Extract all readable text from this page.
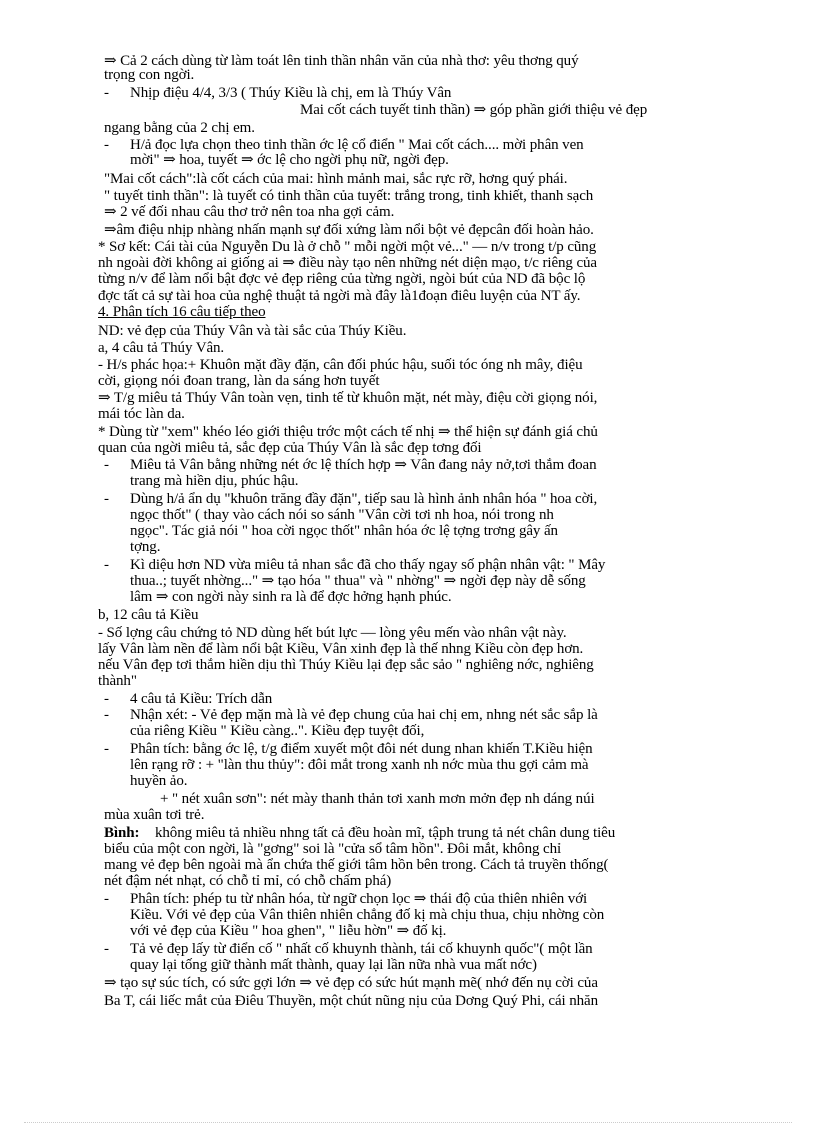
⇒ Cả 2 cách dùng từ làm toát lên tinh thần nhân văn của nhà thơ: yêu thơng quý
trọng con ngời.
- Nhịp điệu 4/4, 3/3 ( Thúy Kiều là chị, em là Thúy Vân
Mai cốt cách tuyết tinh thần) ⇒ góp phần giới thiệu vẻ đẹp
ngang bằng của 2 chị em.
- H/ả đọc lựa chọn theo tinh thần ớc lệ cổ điển " Mai cốt cách.... mời phân ven
mời" ⇒ hoa, tuyết ⇒ ớc lệ cho ngời phụ nữ, ngời đẹp.
"Mai cốt cách":là cốt cách của mai: hình mảnh mai, sắc rực rỡ, hơng quý phái.
" tuyết tinh thần": là tuyết có tinh thần của tuyết: trắng trong, tinh khiết, thanh sạch
⇒ 2 vế đối nhau câu thơ trở nên toa nha gợi cảm.
⇒âm điệu nhịp nhàng nhấn mạnh sự đối xứng làm nổi bột vẻ đẹpcân đối hoàn hảo.
* Sơ kết: Cái tài của Nguyễn Du là ở chỗ " mỗi ngời một vẻ..." — n/v trong t/p cũng
nh ngoài đời không ai giống ai ⇒ điều này tạo nên những nét diện mạo, t/c riêng của
từng n/v để làm nổi bật đợc vẻ đẹp riêng của từng ngời, ngòi bút của ND đã bộc lộ
đợc tất cả sự tài hoa của nghệ thuật tả ngời mà đây là1đoạn điêu luyện của NT ấy.
4. Phân tích 16 câu tiếp theo
ND: vẻ đẹp của Thúy Vân và tài sắc của Thúy Kiều.
a, 4 câu tả Thúy Vân.
- H/s phác họa:+ Khuôn mặt đầy đặn, cân đối phúc hậu, suối tóc óng nh mây, điệu
cời, giọng nói đoan trang, làn da sáng hơn tuyết
⇒ T/g miêu tả Thúy Vân toàn vẹn, tinh tế từ khuôn mặt, nét mày, điệu cời giọng nói,
mái tóc làn da.
* Dùng từ "xem" khéo léo giới thiệu trớc một cách tế nhị ⇒ thể hiện sự đánh giá chủ
quan của ngời miêu tả, sắc đẹp của Thúy Vân là sắc đẹp tơng đối
- Miêu tả Vân bằng những nét ớc lệ thích hợp ⇒ Vân đang nảy nở,tơi thắm đoan
trang mà hiền dịu, phúc hậu.
- Dùng h/ả ẩn dụ "khuôn trăng đầy đặn", tiếp sau là hình ảnh nhân hóa " hoa cời,
ngọc thốt" ( thay vào cách nói so sánh "Vân cời tơi nh hoa, nói trong nh
ngọc". Tác giả nói " hoa cời ngọc thốt" nhân hóa ớc lệ tợng trơng gây ấn
tợng.
- Kì diệu hơn ND vừa miêu tả nhan sắc đã cho thấy ngay số phận nhân vật: " Mây
thua..; tuyết nhờng..." ⇒ tạo hóa " thua" và " nhờng" ⇒ ngời đẹp này dễ sống
lâm ⇒ con ngời này sinh ra là để đợc hởng hạnh phúc.
b, 12 câu tả Kiều
- Số lợng câu chứng tỏ ND dùng hết bút lực — lòng yêu mến vào nhân vật này.
lấy Vân làm nền để làm nổi bật Kiều, Vân xinh đẹp là thế nhng Kiều còn đẹp hơn.
nếu Vân đẹp tơi thắm hiền dịu thì Thúy Kiều lại đẹp sắc sảo " nghiêng nớc, nghiêng
thành"
- 4 câu tả Kiều: Trích dẫn
- Nhận xét: - Vẻ đẹp mặn mà là vẻ đẹp chung của hai chị em, nhng nét sắc sắp là
của riêng Kiều " Kiều càng..". Kiều đẹp tuyệt đối,
- Phân tích: bằng ớc lệ, t/g điểm xuyết một đôi nét dung nhan khiến T.Kiều hiện
lên rạng rỡ : + "làn thu thủy": đôi mắt trong xanh nh nớc mùa thu gợi cảm mà
huyền ảo.
+ " nét xuân sơn": nét mày thanh thản tơi xanh mơn mởn đẹp nh dáng núi
mùa xuân tơi trẻ.
Bình: không miêu tả nhiều nhng tất cả đều hoàn mĩ, tậph trung tả nét chân dung tiêu
biểu của một con ngời, là "gơng" soi là "cửa sổ tâm hồn". Đôi mắt, không chỉ
mang vẻ đẹp bên ngoài mà ẩn chứa thế giới tâm hồn bên trong. Cách tả truyền thống(
nét đậm nét nhạt, có chỗ tỉ mỉ, có chỗ chấm phá)
- Phân tích: phép tu từ nhân hóa, từ ngữ chọn lọc ⇒ thái độ của thiên nhiên với
Kiều. Với vẻ đẹp của Vân thiên nhiên chẳng đố kị mà chịu thua, chịu nhờng còn
với vẻ đẹp của Kiều " hoa ghen", " liễu hờn" ⇒ đố kị.
- Tả vẻ đẹp lấy từ điển cố " nhất cố khuynh thành, tái cố khuynh quốc"( một lần
quay lại tống giữ thành mất thành, quay lại lần nữa nhà vua mất nớc)
⇒ tạo sự súc tích, có sức gợi lớn ⇒ vẻ đẹp có sức hút mạnh mẽ( nhớ đến nụ cời của
Ba T, cái liếc mắt của Điêu Thuyền, một chút nũng nịu của Dơng Quý Phi, cái nhăn
